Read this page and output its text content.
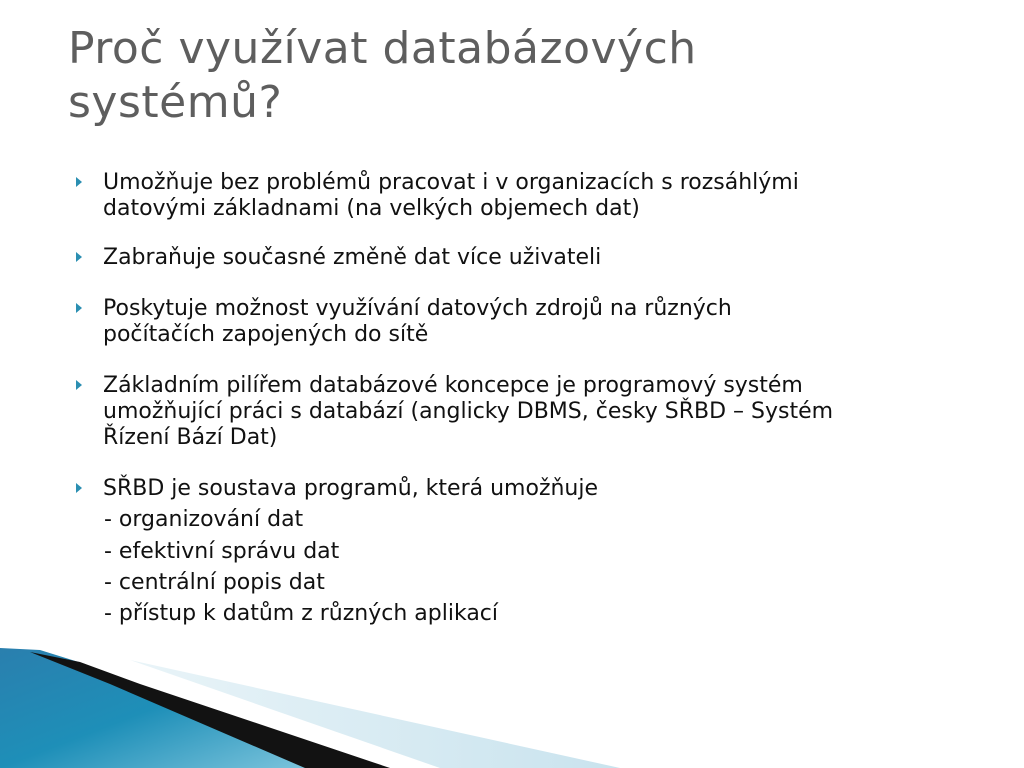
Proč využívat databázových
systémů?
Umožňuje bez problémů pracovat i v organizacích s rozsáhlými
datovými základnami (na velkých objemech dat)
Zabraňuje současné změně dat více uživateli
Poskytuje možnost využívání datových zdrojů na různých
počítačích zapojených do sítě
Základním pilířem databázové koncepce je programový systém
umožňující práci s databází (anglicky DBMS, česky SŘBD – Systém
Řízení Bází Dat)
SŘBD je soustava programů, která umožňuje
- organizování dat
- efektivní správu dat
- centrální popis dat
- přístup k datům z různých aplikací
